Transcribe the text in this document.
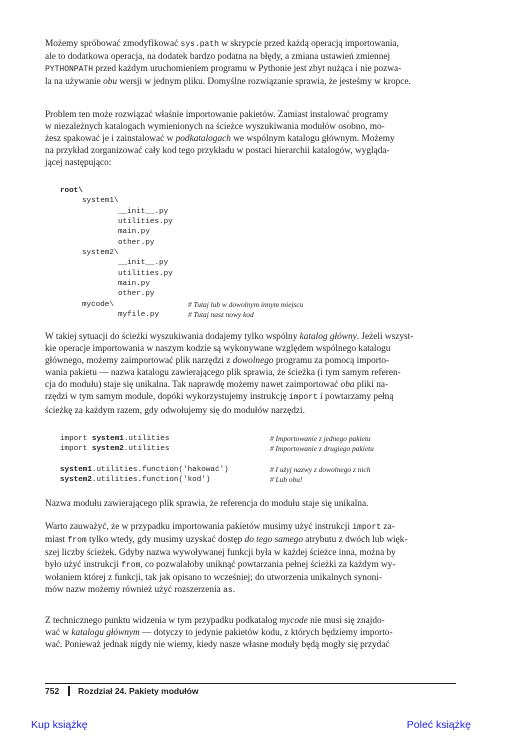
Możemy spróbować zmodyfikować sys.path w skrypcie przed każdą operacją importowania,
ale to dodatkowa operacja, na dodatek bardzo podatna na błędy, a zmiana ustawień zmiennej
PYTHONPATH przed każdym uruchomieniem programu w Pythonie jest zbyt nużąca i nie pozwa-
la na używanie obu wersji w jednym pliku. Domyślne rozwiązanie sprawia, że jesteśmy w kropce.

Problem ten może rozwiązać właśnie importowanie pakietów. Zamiast instalować programy
w niezależnych katalogach wymienionych na ścieżce wyszukiwania modułów osobno, mo-
żesz spakować je i zainstalować w podkatalogach we wspólnym katalogu głównym. Możemy
na przykład zorganizować cały kod tego przykładu w postaci hierarchii katalogów, wygląda-
jącej następująco:

root\
system1\
__init__.py
utilities.py
main.py
other.py
system2\
__init__.py
utilities.py
main.py
other.py
mycode\	# Tutaj lub w dowolnym innym miejscu
myfile.py	# Tutaj nasz nowy kod

W takiej sytuacji do ścieżki wyszukiwania dodajemy tylko wspólny katalog główny. Jeżeli wszyst-
kie operacje importowania w naszym kodzie są wykonywane względem wspólnego katalogu
głównego, możemy zaimportować plik narzędzi z dowolnego programu za pomocą importo-
wania pakietu — nazwa katalogu zawierającego plik sprawia, że ścieżka (i tym samym referen-
cja do modułu) staje się unikalna. Tak naprawdę możemy nawet zaimportować oba pliki na-
rzędzi w tym samym module, dopóki wykorzystujemy instrukcję import i powtarzamy pełną
ścieżkę za każdym razem, gdy odwołujemy się do modułów narzędzi.

import system1.utilities	# Importowanie z jednego pakietu
import system2.utilities	# Importowanie z drugiego pakietu
system1.utilities.function('hakować')	# I użyj nazwy z dowolnego z nich
system2.utilities.function('kod')	# Lub obu!

Nazwa modułu zawierającego plik sprawia, że referencja do modułu staje się unikalna.

Warto zauważyć, że w przypadku importowania pakietów musimy użyć instrukcji import za-
miast from tylko wtedy, gdy musimy uzyskać dostęp do tego samego atrybutu z dwóch lub więk-
szej liczby ścieżek. Gdyby nazwa wywoływanej funkcji była w każdej ścieżce inna, można by
było użyć instrukcji from, co pozwalałoby uniknąć powtarzania pełnej ścieżki za każdym wy-
wołaniem której z funkcji, tak jak opisano to wcześniej; do utworzenia unikalnych synoni-
mów nazw możemy również użyć rozszerzenia as.

Z technicznego punktu widzenia w tym przypadku podkatalog mycode nie musi się znajdo-
wać w katalogu głównym — dotyczy to jedynie pakietów kodu, z których będziemy importo-
wać. Ponieważ jednak nigdy nie wiemy, kiedy nasze własne moduły będą mogły się przydać

752 Rozdział 24. Pakiety modułów
Kup książkę	Poleć książkę
